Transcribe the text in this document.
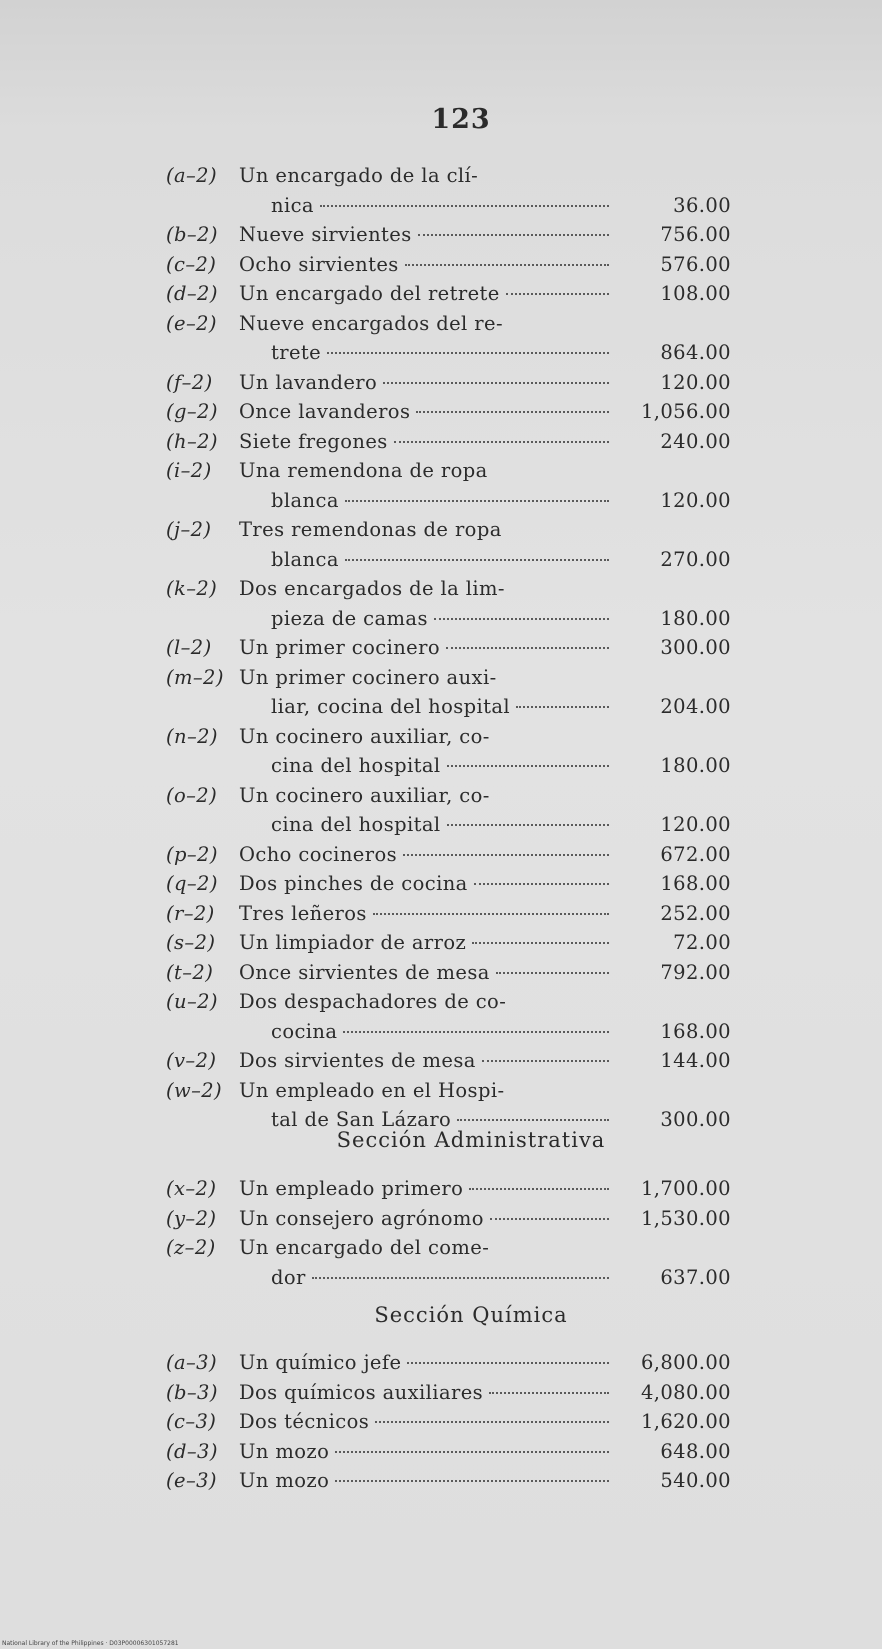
123
(a–2)	Un encargado de la clí-
nica	36.00
(b–2)	Nueve sirvientes	756.00
(c–2)	Ocho sirvientes	576.00
(d–2)	Un encargado del retrete	108.00
(e–2)	Nueve encargados del re-
trete	864.00
(f–2)	Un lavandero	120.00
(g–2)	Once lavanderos	1,056.00
(h–2)	Siete fregones	240.00
(i–2)	Una remendona de ropa
blanca	120.00
(j–2)	Tres remendonas de ropa
blanca	270.00
(k–2)	Dos encargados de la lim-
pieza de camas	180.00
(l–2)	Un primer cocinero	300.00
(m–2) Un primer cocinero auxi-
liar, cocina del hospital	204.00
(n–2)	Un cocinero auxiliar, co-
cina del hospital	180.00
(o–2)	Un cocinero auxiliar, co-
cina del hospital	120.00
(p–2)	Ocho cocineros	672.00
(q–2)	Dos pinches de cocina	168.00
(r–2)	Tres leñeros	252.00
(s–2)	Un limpiador de arroz	72.00
(t–2)	Once sirvientes de mesa	792.00
(u–2)	Dos despachadores de co-
cocina	168.00
(v–2)	Dos sirvientes de mesa	144.00
(w–2) Un empleado en el Hospi-
tal de San Lázaro	300.00
Sección Administrativa
(x–2)	Un empleado primero	1,700.00
(y–2)	Un consejero agrónomo	1,530.00
(z–2)	Un encargado del come-
dor	637.00
Sección Química
(a–3)	Un químico jefe	6,800.00
(b–3)	Dos químicos auxiliares	4,080.00
(c–3)	Dos técnicos	1,620.00
(d–3)	Un mozo	648.00
(e–3)	Un mozo	540.00
National Library of the Philippines · D03P00006301057281
